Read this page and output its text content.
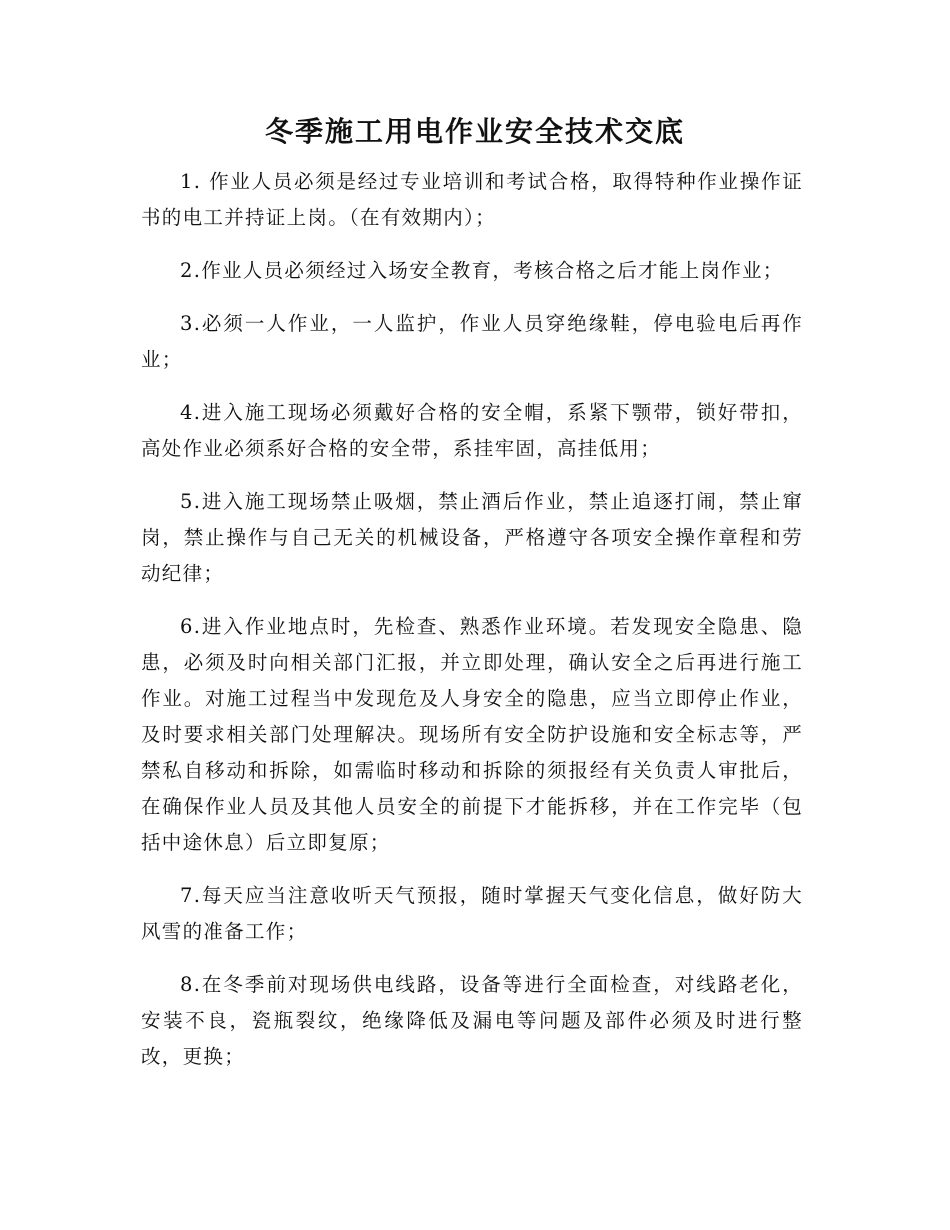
冬季施工用电作业安全技术交底

1. 作业人员必须是经过专业培训和考试合格，取得特种作业操作证书的电工并持证上岗。（在有效期内）；

2.作业人员必须经过入场安全教育，考核合格之后才能上岗作业；

3.必须一人作业，一人监护，作业人员穿绝缘鞋，停电验电后再作业；

4.进入施工现场必须戴好合格的安全帽，系紧下颚带，锁好带扣，高处作业必须系好合格的安全带，系挂牢固，高挂低用；

5.进入施工现场禁止吸烟，禁止酒后作业，禁止追逐打闹，禁止窜岗，禁止操作与自己无关的机械设备，严格遵守各项安全操作章程和劳动纪律；

6.进入作业地点时，先检查、熟悉作业环境。若发现安全隐患、隐患，必须及时向相关部门汇报，并立即处理，确认安全之后再进行施工作业。对施工过程当中发现危及人身安全的隐患，应当立即停止作业，及时要求相关部门处理解决。现场所有安全防护设施和安全标志等，严禁私自移动和拆除，如需临时移动和拆除的须报经有关负责人审批后，在确保作业人员及其他人员安全的前提下才能拆移，并在工作完毕（包括中途休息）后立即复原；

7.每天应当注意收听天气预报，随时掌握天气变化信息，做好防大风雪的准备工作；

8.在冬季前对现场供电线路，设备等进行全面检查，对线路老化，安装不良，瓷瓶裂纹，绝缘降低及漏电等问题及部件必须及时进行整改，更换；
